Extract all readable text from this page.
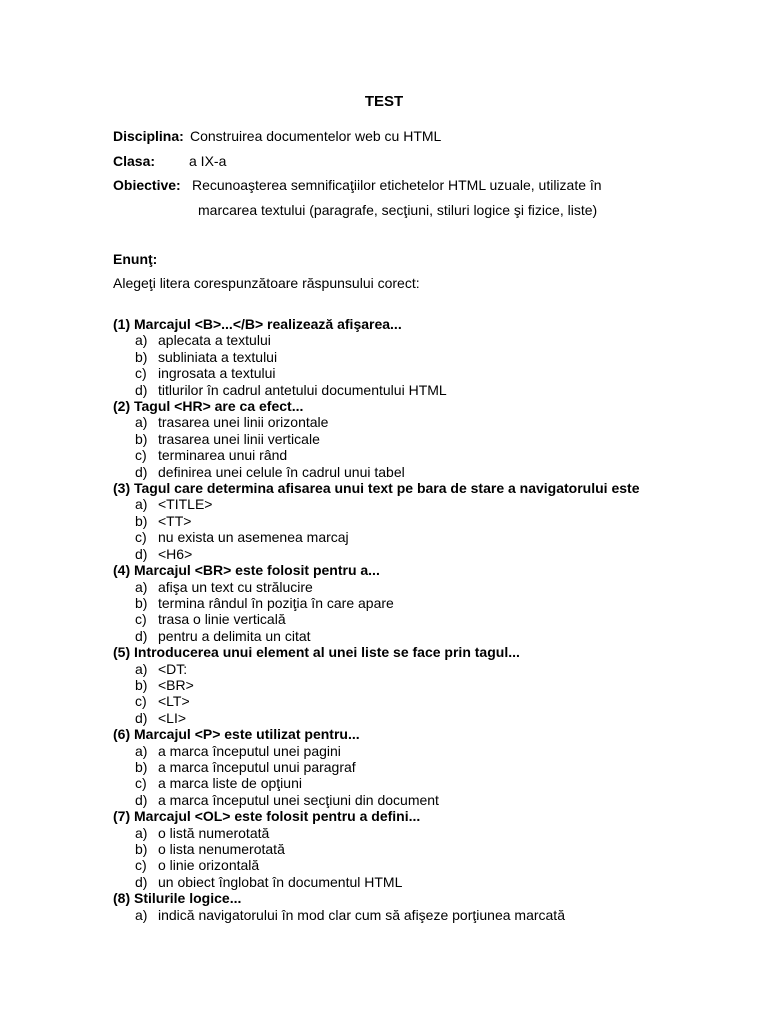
TEST
Disciplina: Construirea documentelor web cu HTML
Clasa: a IX-a
Obiective: Recunoaşterea semnificaţiilor etichetelor HTML uzuale, utilizate în
marcarea textului (paragrafe, secţiuni, stiluri logice şi fizice, liste)
Enunţ:
Alegeţi litera corespunzătoare răspunsului corect:
(1) Marcajul <B>...</B> realizează afişarea...
a) aplecata a textului
b) subliniata a textului
c) ingrosata a textului
d) titlurilor în cadrul antetului documentului HTML
(2) Tagul <HR> are ca efect...
a) trasarea unei linii orizontale
b) trasarea unei linii verticale
c) terminarea unui rând
d) definirea unei celule în cadrul unui tabel
(3) Tagul care determina afisarea unui text pe bara de stare a navigatorului este
a) <TITLE>
b) <TT>
c) nu exista un asemenea marcaj
d) <H6>
(4) Marcajul <BR> este folosit pentru a...
a) afişa un text cu strălucire
b) termina rândul în poziţia în care apare
c) trasa o linie verticală
d) pentru a delimita un citat
(5) Introducerea unui element al unei liste se face prin tagul...
a) <DT:
b) <BR>
c) <LT>
d) <LI>
(6) Marcajul <P> este utilizat pentru...
a) a marca începutul unei pagini
b) a marca începutul unui paragraf
c) a marca liste de opţiuni
d) a marca începutul unei secţiuni din document
(7) Marcajul <OL> este folosit pentru a defini...
a) o listă numerotată
b) o lista nenumerotată
c) o linie orizontală
d) un obiect înglobat în documentul HTML
(8) Stilurile logice...
a) indică navigatorului în mod clar cum să afişeze porţiunea marcată
